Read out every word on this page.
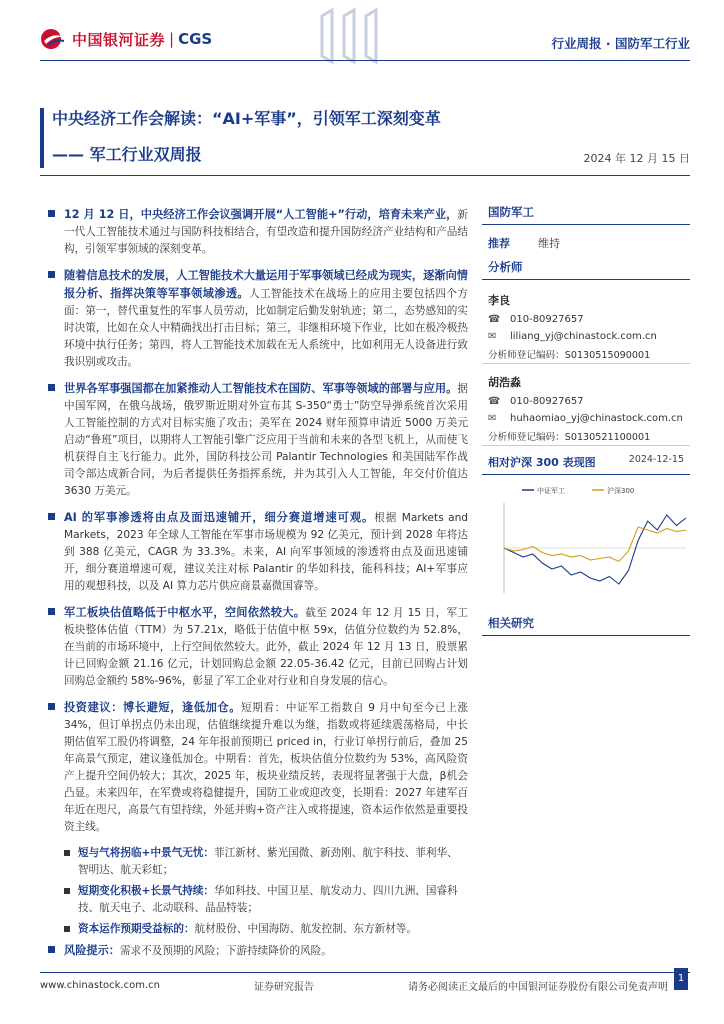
中国银河证券 | CGS	行业周报 · 国防军工行业
中央经济工作会解读：“AI+军事”，引领军工深刻变革
—— 军工行业双周报	2024 年 12 月 15 日
12 月 12 日，中央经济工作会议强调开展“人工智能+”行动，培育未来产业，新一代人工智能技术通过与国防科技相结合，有望改造和提升国防经济产业结构和产品结构，引领军事领域的深刻变革。
随着信息技术的发展，人工智能技术大量运用于军事领域已经成为现实，逐渐向情报分析、指挥决策等军事领域渗透。人工智能技术在战场上的应用主要包括四个方面：第一，替代重复性的军事人员劳动，比如制定后勤发射轨迹；第二，态势感知的实时决策，比如在众人中精确找出打击目标；第三，非继相环境下作业，比如在极冷极热环境中执行任务；第四，将人工智能技术加载在无人系统中，比如利用无人设备进行致我识别或攻击。
世界各军事强国都在加紧推动人工智能技术在国防、军事等领域的部署与应用。据中国军网，在俄乌战场，俄罗斯近期对外宣布其 S-350“勇士”防空导弹系统首次采用人工智能控制的方式对目标实施了攻击；美军在 2024 财年预算申请近 5000 万美元启动“鲁班”项目，以期将人工智能引擎广泛应用于当前和未来的各型飞机上，从而使飞机获得自主飞行能力。此外，国防科技公司 Palantir Technologies 和美国陆军作战司令部达成新合同，为后者提供任务指挥系统，并为其引入人工智能，年交付价值达 3630 万美元。
AI 的军事渗透将由点及面迅速铺开，细分赛道增速可观。根据 Markets and Markets，2023 年全球人工智能在军事市场规模为 92 亿美元，预计到 2028 年将达到 388 亿美元，CAGR 为 33.3%。未来，AI 向军事领域的渗透将由点及面迅速铺开，细分赛道增速可观，建议关注对标 Palantir 的华如科技，能科科技；AI+军事应用的观想科技，以及 AI 算力芯片供应商景嘉微国睿等。
军工板块估值略低于中枢水平，空间依然较大。截至 2024 年 12 月 15 日，军工板块整体估值（TTM）为 57.21x，略低于估值中枢 59x，估值分位数约为 52.8%，在当前的市场环境中，上行空间依然较大。此外，截止 2024 年 12 月 13 日，股票累计已回购金额 21.16 亿元，计划回购总金额 22.05-36.42 亿元，目前已回购占计划回购总金额约 58%-96%，彰显了军工企业对行业和自身发展的信心。
投资建议：博长避短，逢低加仓。短期看：中证军工指数自 9 月中旬至今已上涨 34%，但订单拐点仍未出现，估值继续提升难以为继，指数或将延续震荡格局，中长期估值军工股仍将调整，24 年年报前预期已 priced in，行业订单拐行前后，叠加 25 年高景气预定，建议逢低加仓。中期看：首先，板块估值分位数约为 53%，高风险资产上提升空间仍较大；其次，2025 年，板块业绩反转，表现将显著强于大盘，β机会凸显。未来四年，在军费或将稳健提升，国防工业或迎改变，长期看：2027 年建军百年近在咫尺，高景气有望持续，外延并购+资产注入或将提速，资本运作依然是重要投资主线。
短与气将拐临+中景气无忧：菲江新材、紫光国微、新劲刚、航宇科技、菲利华、智明达、航天彩虹；
短期变化积极+长景气持续：华如科技、中国卫星、航发动力、四川九洲、国睿科技、航天电子、北动联科、晶品特装；
资本运作预期受益标的：航材股份、中国海防、航发控制、东方新材等。
风险提示：需求不及预期的风险；下游持续降价的风险。
国防军工
推荐	维持
分析师
李良
☎ 010-80927657
✉	liliang_yj@chinastock.com.cn
分析师登记编码：S0130515090001
胡浩淼
☎ 010-80927657
✉	huhaomiao_yj@chinastock.com.cn
分析师登记编码：S0130521100001
相对沪深 300 表现图	2024-12-15
中证军工	沪深300
相关研究
www.chinastock.com.cn	证券研究报告	请务必阅读正文最后的中国银河证券股份有限公司免责声明
1
